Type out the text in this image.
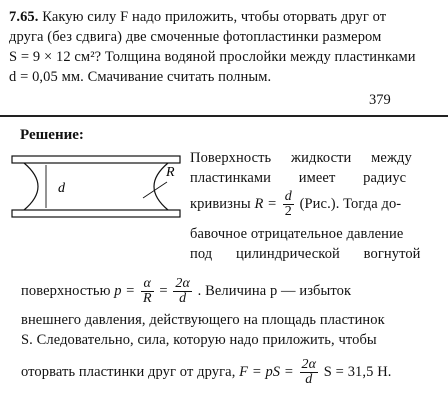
7.65. Какую силу F надо приложить, чтобы оторвать друг от
друга (без сдвига) две смоченные фотопластинки размером
S = 9 × 12 см²? Толщина водяной прослойки между пластинками
d = 0,05 мм. Смачивание считать полным.
379
Решение:
d
R
Поверхность жидкости между
пластинками имеет радиус
кривизны $R = \frac{d}{2} (Рис.)$. Тогда до-
бавочное отрицательное давление
под цилиндрической вогнутой
поверхностью $p = \frac{\alpha}{R} = \frac{2\alpha}{d}$ . Величина p — избыток
внешнего давления, действующего на площадь пластинок
S. Следовательно, сила, которую надо приложить, чтобы
оторвать пластинки друг от друга, F = pS = $\frac{2\alpha}{d}$ S = 31,5 Н.
